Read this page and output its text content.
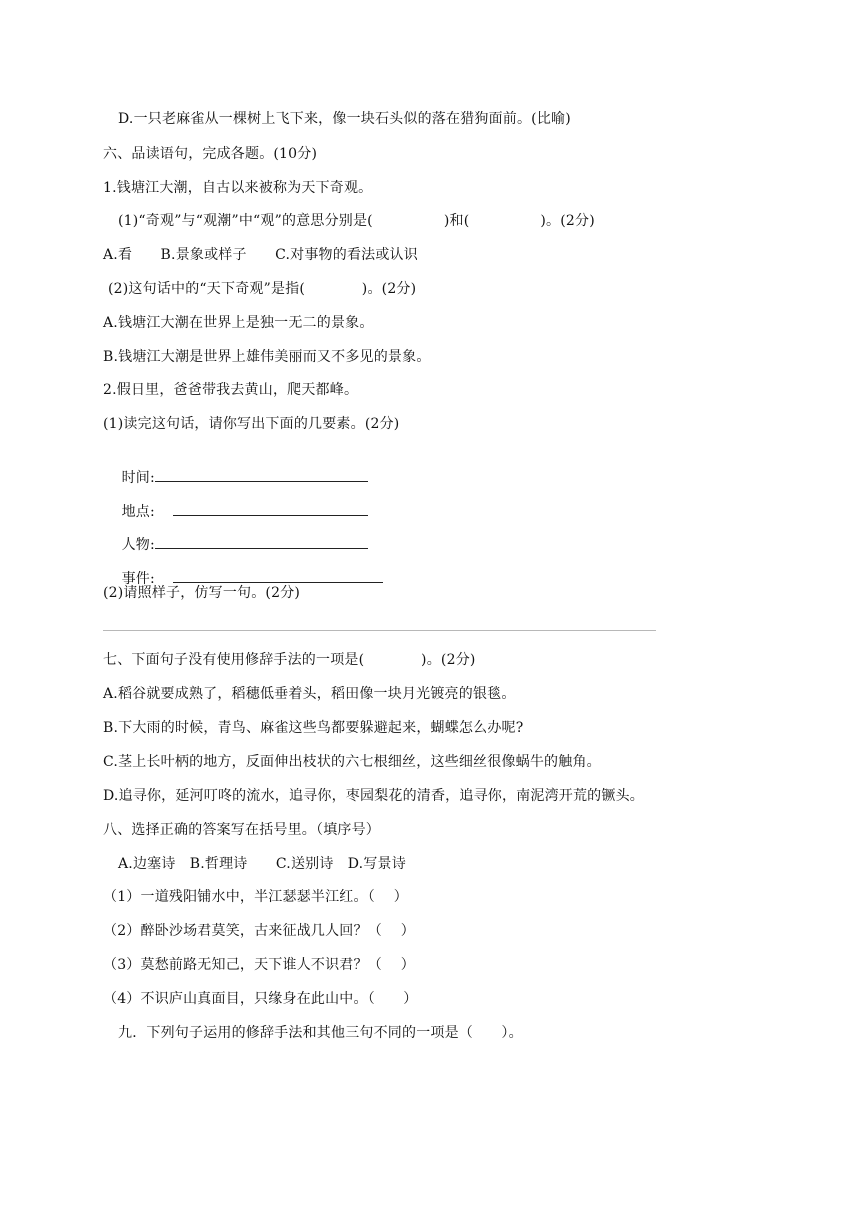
D.一只老麻雀从一棵树上飞下来，像一块石头似的落在猎狗面前。(比喻)
六、品读语句，完成各题。(10分)
1.钱塘江大潮，自古以来被称为天下奇观。
(1)“奇观”与“观潮”中“观”的意思分别是(　　　　　)和(　　　　　)。(2分)
A.看　　B.景象或样子　　C.对事物的看法或认识
(2)这句话中的“天下奇观”是指(　　　　)。(2分)
A.钱塘江大潮在世界上是独一无二的景象。
B.钱塘江大潮是世界上雄伟美丽而又不多见的景象。
2.假日里，爸爸带我去黄山，爬天都峰。
(1)读完这句话，请你写出下面的几要素。(2分)

时间:

地点:

人物:

事件:

(2)请照样子，仿写一句。(2分)
七、下面句子没有使用修辞手法的一项是(　　　　)。(2分)
A.稻谷就要成熟了，稻穗低垂着头，稻田像一块月光镀亮的银毯。
B.下大雨的时候，青鸟、麻雀这些鸟都要躲避起来，蝴蝶怎么办呢?
C.茎上长叶柄的地方，反面伸出枝状的六七根细丝，这些细丝很像蜗牛的触角。
D.追寻你，延河叮咚的流水，追寻你，枣园梨花的清香，追寻你，南泥湾开荒的镢头。
八、选择正确的答案写在括号里。（填序号）
A.边塞诗　B.哲理诗　　C.送别诗　D.写景诗
（1）一道残阳铺水中，半江瑟瑟半江红。（　 ）
（2）醉卧沙场君莫笑，古来征战几人回？（　 ）
（3）莫愁前路无知己，天下谁人不识君？（　 ）
（4）不识庐山真面目，只缘身在此山中。（　　）
九．下列句子运用的修辞手法和其他三句不同的一项是（　　）。
